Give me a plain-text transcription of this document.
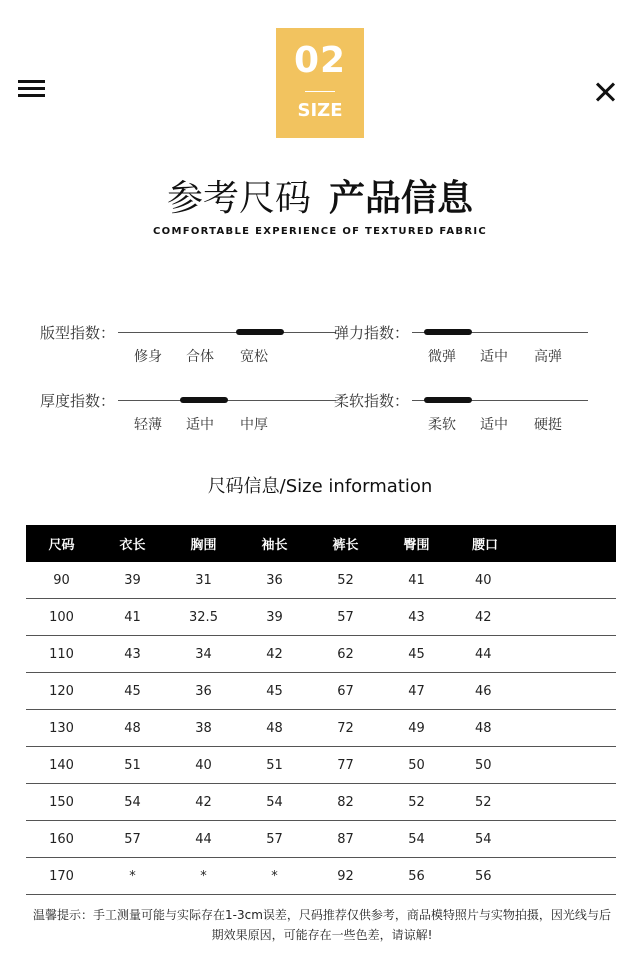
02
SIZE
参考尺码 产品信息
COMFORTABLE EXPERIENCE OF TEXTURED FABRIC
版型指数：
修身 合体 宽松
弹力指数：
微弹 适中 高弹
厚度指数：
轻薄 适中 中厚
柔软指数：
柔软 适中 硬挺
尺码信息/Size information
尺码	衣长	胸围	袖长	裤长	臀围	腰口
90	39	31	36	52	41	40
100	41	32.5	39	57	43	42
110	43	34	42	62	45	44
120	45	36	45	67	47	46
130	48	38	48	72	49	48
140	51	40	51	77	50	50
150	54	42	54	82	52	52
160	57	44	57	87	54	54
170	*	*	*	92	56	56
温馨提示：手工测量可能与实际存在1-3cm误差，尺码推荐仅供参考，商品模特照片与实物拍摄，因光线与后期效果原因，可能存在一些色差，请谅解!
